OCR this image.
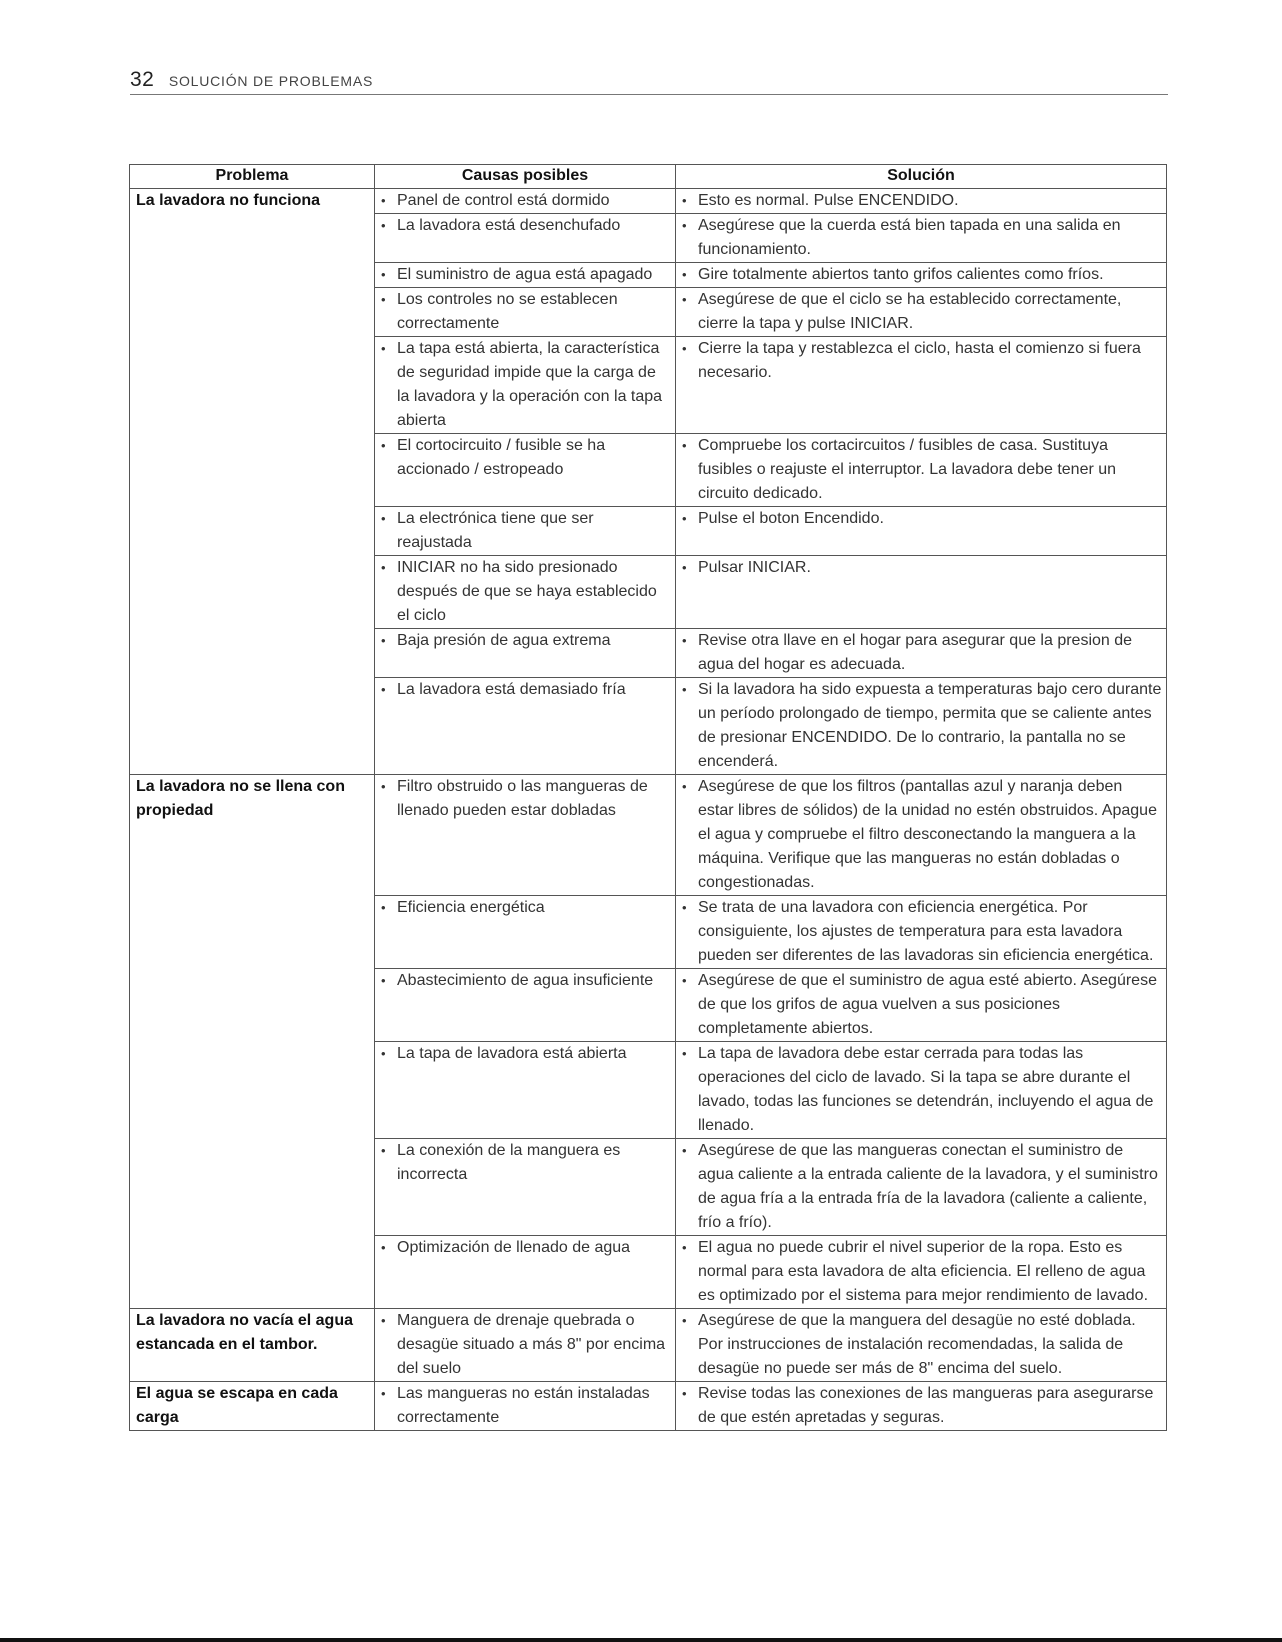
32 SOLUCIÓN DE PROBLEMAS
Problema	Causas posibles	Solución
La lavadora no funciona	• Panel de control está dormido	• Esto es normal. Pulse ENCENDIDO.

	• La lavadora está desenchufado	• Asegúrese que la cuerda está bien tapada en una salida en funcionamiento.

	• El suministro de agua está apagado	• Gire totalmente abiertos tanto grifos calientes como fríos.

	• Los controles no se establecen correctamente	• Asegúrese de que el ciclo se ha establecido correctamente, cierre la tapa y pulse INICIAR.

	• La tapa está abierta, la característica de seguridad impide que la carga de la lavadora y la operación con la tapa abierta	• Cierre la tapa y restablezca el ciclo, hasta el comienzo si fuera necesario.

	• El cortocircuito / fusible se ha accionado / estropeado	• Compruebe los cortacircuitos / fusibles de casa. Sustituya fusibles o reajuste el interruptor. La lavadora debe tener un circuito dedicado.

	• La electrónica tiene que ser reajustada	• Pulse el boton Encendido.

	• INICIAR no ha sido presionado después de que se haya establecido el ciclo	• Pulsar INICIAR.

	• Baja presión de agua extrema	• Revise otra llave en el hogar para asegurar que la presion de agua del hogar es adecuada.

	• La lavadora está demasiado fría	• Si la lavadora ha sido expuesta a temperaturas bajo cero durante un período prolongado de tiempo, permita que se caliente antes de presionar ENCENDIDO. De lo contrario, la pantalla no se encenderá.

La lavadora no se llena con propiedad	• Filtro obstruido o las mangueras de llenado pueden estar dobladas	• Asegúrese de que los filtros (pantallas azul y naranja deben estar libres de sólidos) de la unidad no estén obstruidos. Apague el agua y compruebe el filtro desconectando la manguera a la máquina. Verifique que las mangueras no están dobladas o congestionadas.

	• Eficiencia energética	• Se trata de una lavadora con eficiencia energética. Por consiguiente, los ajustes de temperatura para esta lavadora pueden ser diferentes de las lavadoras sin eficiencia energética.

	• Abastecimiento de agua insuficiente	• Asegúrese de que el suministro de agua esté abierto. Asegúrese de que los grifos de agua vuelven a sus posiciones completamente abiertos.

	• La tapa de lavadora está abierta	• La tapa de lavadora debe estar cerrada para todas las operaciones del ciclo de lavado. Si la tapa se abre durante el lavado, todas las funciones se detendrán, incluyendo el agua de llenado.

	• La conexión de la manguera es incorrecta	• Asegúrese de que las mangueras conectan el suministro de agua caliente a la entrada caliente de la lavadora, y el suministro de agua fría a la entrada fría de la lavadora (caliente a caliente, frío a frío).

	• Optimización de llenado de agua	• El agua no puede cubrir el nivel superior de la ropa. Esto es normal para esta lavadora de alta eficiencia. El relleno de agua es optimizado por el sistema para mejor rendimiento de lavado.

La lavadora no vacía el agua estancada en el tambor.	• Manguera de drenaje quebrada o desagüe situado a más 8" por encima del suelo	• Asegúrese de que la manguera del desagüe no esté doblada. Por instrucciones de instalación recomendadas, la salida de desagüe no puede ser más de 8" encima del suelo.

El agua se escapa en cada carga	• Las mangueras no están instaladas correctamente	• Revise todas las conexiones de las mangueras para asegurarse de que estén apretadas y seguras.
